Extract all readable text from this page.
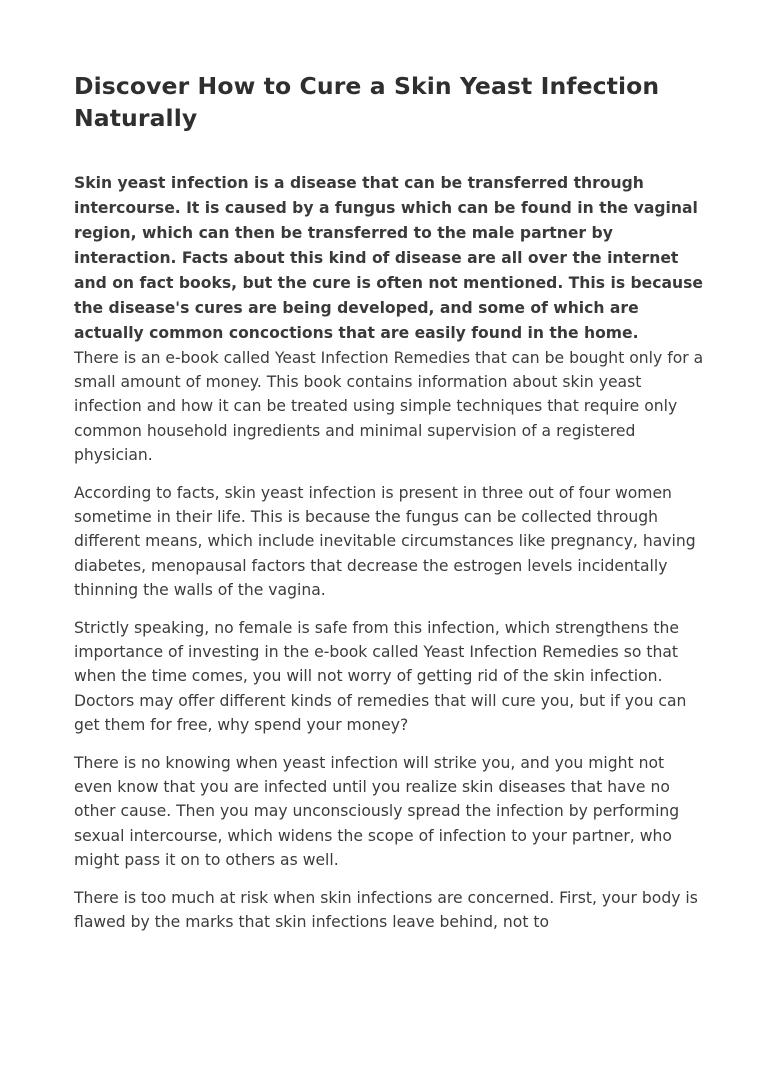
Discover How to Cure a Skin Yeast Infection Naturally

Skin yeast infection is a disease that can be transferred through intercourse. It is caused by a fungus which can be found in the vaginal region, which can then be transferred to the male partner by interaction. Facts about this kind of disease are all over the internet and on fact books, but the cure is often not mentioned. This is because the disease's cures are being developed, and some of which are actually common concoctions that are easily found in the home.

There is an e-book called Yeast Infection Remedies that can be bought only for a small amount of money. This book contains information about skin yeast infection and how it can be treated using simple techniques that require only common household ingredients and minimal supervision of a registered physician.

According to facts, skin yeast infection is present in three out of four women sometime in their life. This is because the fungus can be collected through different means, which include inevitable circumstances like pregnancy, having diabetes, menopausal factors that decrease the estrogen levels incidentally thinning the walls of the vagina.

Strictly speaking, no female is safe from this infection, which strengthens the importance of investing in the e-book called Yeast Infection Remedies so that when the time comes, you will not worry of getting rid of the skin infection. Doctors may offer different kinds of remedies that will cure you, but if you can get them for free, why spend your money?

There is no knowing when yeast infection will strike you, and you might not even know that you are infected until you realize skin diseases that have no other cause. Then you may unconsciously spread the infection by performing sexual intercourse, which widens the scope of infection to your partner, who might pass it on to others as well.

There is too much at risk when skin infections are concerned. First, your body is flawed by the marks that skin infections leave behind, not to
